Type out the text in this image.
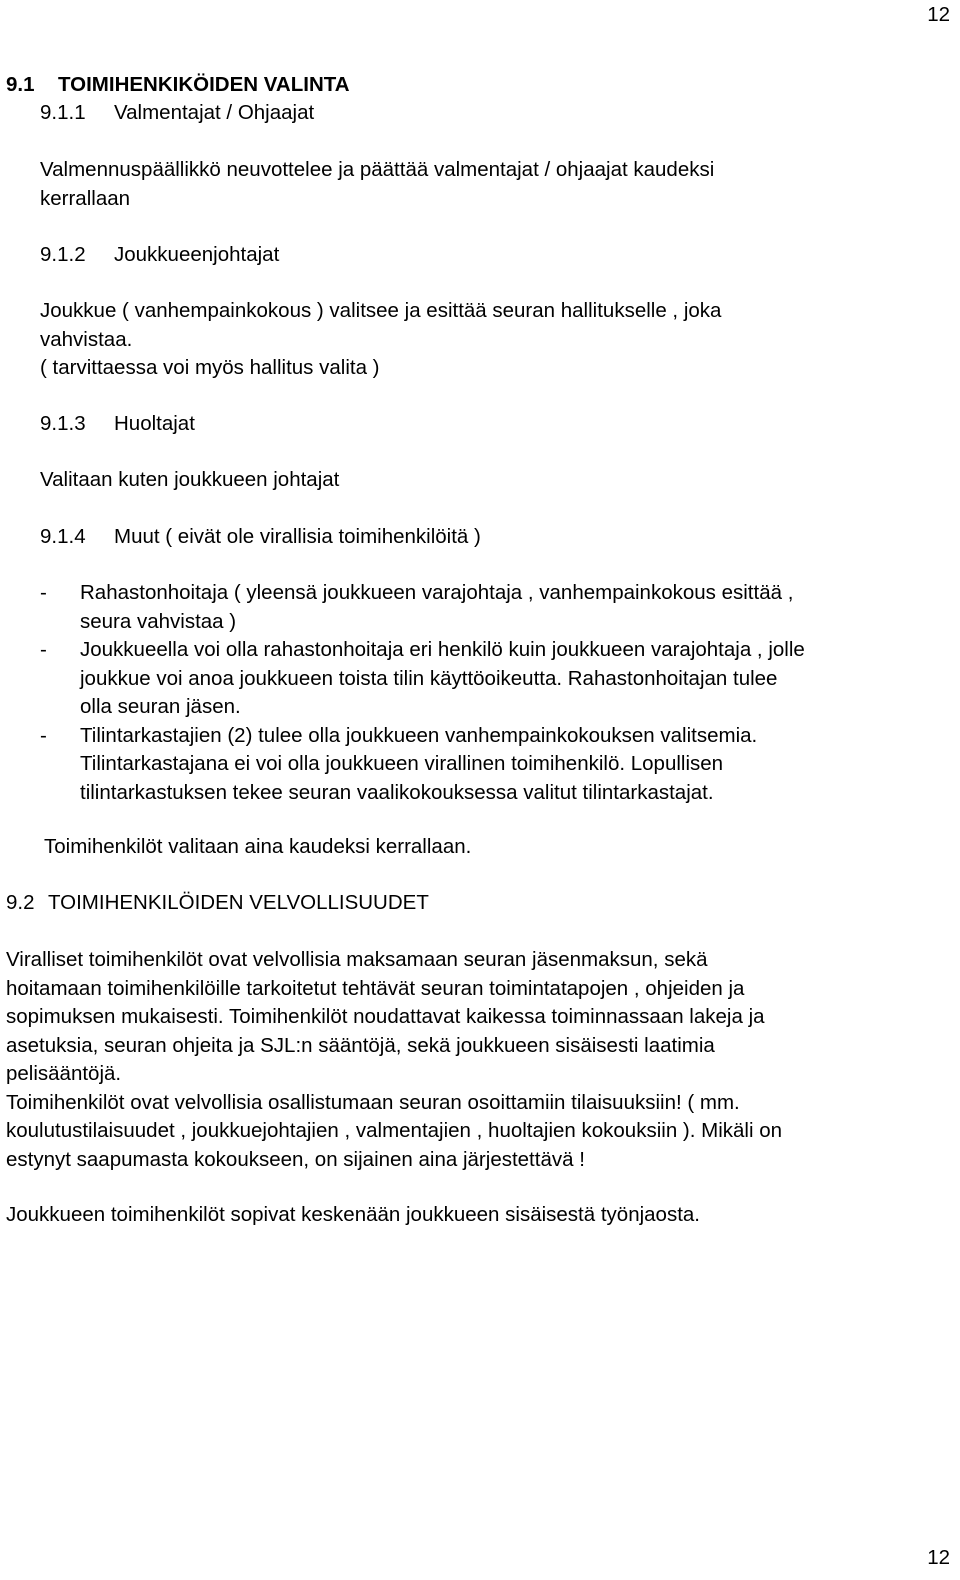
12
9.1 TOIMIHENKIKÖIDEN VALINTA
9.1.1 Valmentajat / Ohjaajat
Valmennuspäällikkö neuvottelee ja päättää valmentajat / ohjaajat kaudeksi
kerrallaan
9.1.2 Joukkueenjohtajat
Joukkue ( vanhempainkokous ) valitsee ja esittää seuran hallitukselle , joka
vahvistaa.
( tarvittaessa voi myös hallitus valita )
9.1.3 Huoltajat
Valitaan kuten joukkueen johtajat
9.1.4 Muut ( eivät ole virallisia toimihenkilöitä )
- Rahastonhoitaja ( yleensä joukkueen varajohtaja , vanhempainkokous esittää ,
seura vahvistaa )
- Joukkueella voi olla rahastonhoitaja eri henkilö kuin joukkueen varajohtaja , jolle
joukkue voi anoa joukkueen toista tilin käyttöoikeutta. Rahastonhoitajan tulee
olla seuran jäsen.
- Tilintarkastajien (2) tulee olla joukkueen vanhempainkokouksen valitsemia.
Tilintarkastajana ei voi olla joukkueen virallinen toimihenkilö. Lopullisen
tilintarkastuksen tekee seuran vaalikokouksessa valitut tilintarkastajat.
Toimihenkilöt valitaan aina kaudeksi kerrallaan.
9.2 TOIMIHENKILÖIDEN VELVOLLISUUDET
Viralliset toimihenkilöt ovat velvollisia maksamaan seuran jäsenmaksun, sekä
hoitamaan toimihenkilöille tarkoitetut tehtävät seuran toimintatapojen , ohjeiden ja
sopimuksen mukaisesti. Toimihenkilöt noudattavat kaikessa toiminnassaan lakeja ja
asetuksia, seuran ohjeita ja SJL:n sääntöjä, sekä joukkueen sisäisesti laatimia
pelisääntöjä.
Toimihenkilöt ovat velvollisia osallistumaan seuran osoittamiin tilaisuuksiin! ( mm.
koulutustilaisuudet , joukkuejohtajien , valmentajien , huoltajien kokouksiin ). Mikäli on
estynyt saapumasta kokoukseen, on sijainen aina järjestettävä !
Joukkueen toimihenkilöt sopivat keskenään joukkueen sisäisestä työnjaosta.
12
